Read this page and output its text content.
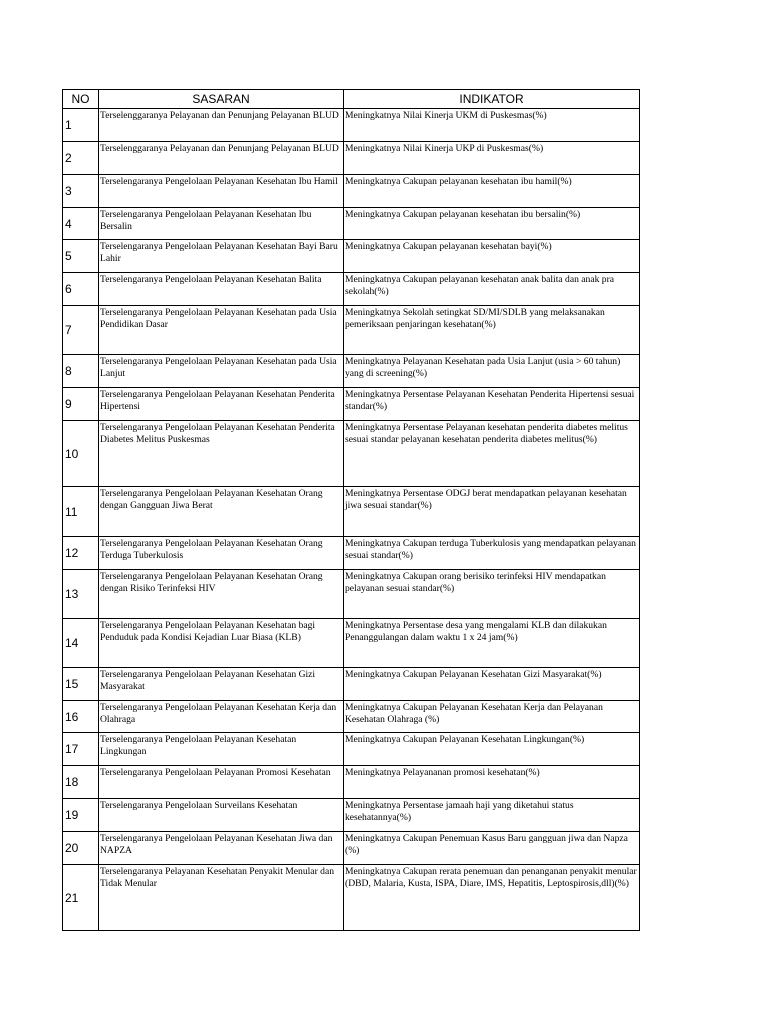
NO	SASARAN	INDIKATOR
1	Terselenggaranya Pelayanan dan Penunjang Pelayanan BLUD	Meningkatnya Nilai Kinerja UKM di Puskesmas(%)
2	Terselenggaranya Pelayanan dan Penunjang Pelayanan BLUD	Meningkatnya Nilai Kinerja UKP di Puskesmas(%)
3	Terselengaranya Pengelolaan Pelayanan Kesehatan Ibu Hamil	Meningkatnya Cakupan pelayanan kesehatan ibu hamil(%)
4	Terselengaranya Pengelolaan Pelayanan Kesehatan Ibu Bersalin	Meningkatnya Cakupan pelayanan kesehatan ibu bersalin(%)
5	Terselengaranya Pengelolaan Pelayanan Kesehatan Bayi Baru Lahir	Meningkatnya Cakupan pelayanan kesehatan bayi(%)
6	Terselengaranya Pengelolaan Pelayanan Kesehatan Balita	Meningkatnya Cakupan pelayanan kesehatan anak balita dan anak pra sekolah(%)
7	Terselengaranya Pengelolaan Pelayanan Kesehatan pada Usia Pendidikan Dasar	Meningkatnya Sekolah setingkat SD/MI/SDLB yang melaksanakan pemeriksaan penjaringan kesehatan(%)
8	Terselengaranya Pengelolaan Pelayanan Kesehatan pada Usia Lanjut	Meningkatnya Pelayanan Kesehatan pada Usia Lanjut (usia > 60 tahun) yang di screening(%)
9	Terselengaranya Pengelolaan Pelayanan Kesehatan Penderita Hipertensi	Meningkatnya Persentase Pelayanan Kesehatan Penderita Hipertensi sesuai standar(%)
10	Terselengaranya Pengelolaan Pelayanan Kesehatan Penderita Diabetes Melitus Puskesmas	Meningkatnya Persentase Pelayanan kesehatan penderita diabetes melitus sesuai standar pelayanan kesehatan penderita diabetes melitus(%)
11	Terselengaranya Pengelolaan Pelayanan Kesehatan Orang dengan Gangguan Jiwa Berat	Meningkatnya Persentase ODGJ berat mendapatkan pelayanan kesehatan jiwa sesuai standar(%)
12	Terselengaranya Pengelolaan Pelayanan Kesehatan Orang Terduga Tuberkulosis	Meningkatnya Cakupan terduga Tuberkulosis yang mendapatkan pelayanan sesuai standar(%)
13	Terselengaranya Pengelolaan Pelayanan Kesehatan Orang dengan Risiko Terinfeksi HIV	Meningkatnya Cakupan orang berisiko terinfeksi HIV mendapatkan pelayanan sesuai standar(%)
14	Terselengaranya Pengelolaan Pelayanan Kesehatan bagi Penduduk pada Kondisi Kejadian Luar Biasa (KLB)	Meningkatnya Persentase desa yang mengalami KLB dan dilakukan Penanggulangan dalam waktu 1 x 24 jam(%)
15	Terselengaranya Pengelolaan Pelayanan Kesehatan Gizi Masyarakat	Meningkatnya Cakupan Pelayanan Kesehatan Gizi Masyarakat(%)
16	Terselengaranya Pengelolaan Pelayanan Kesehatan Kerja dan Olahraga	Meningkatnya Cakupan Pelayanan Kesehatan Kerja dan Pelayanan Kesehatan Olahraga (%)
17	Terselengaranya Pengelolaan Pelayanan Kesehatan Lingkungan	Meningkatnya Cakupan Pelayanan Kesehatan Lingkungan(%)
18	Terselengaranya Pengelolaan Pelayanan Promosi Kesehatan	Meningkatnya Pelayananan promosi kesehatan(%)
19	Terselengaranya Pengelolaan Surveilans Kesehatan	Meningkatnya Persentase jamaah haji yang diketahui status kesehatannya(%)
20	Terselengaranya Pengelolaan Pelayanan Kesehatan Jiwa dan NAPZA	Meningkatnya Cakupan Penemuan Kasus Baru gangguan jiwa dan Napza (%)
21	Terselengaranya Pelayanan Kesehatan Penyakit Menular dan Tidak Menular	Meningkatnya Cakupan rerata penemuan dan penanganan penyakit menular (DBD, Malaria, Kusta, ISPA, Diare, IMS, Hepatitis, Leptospirosis,dll)(%)
